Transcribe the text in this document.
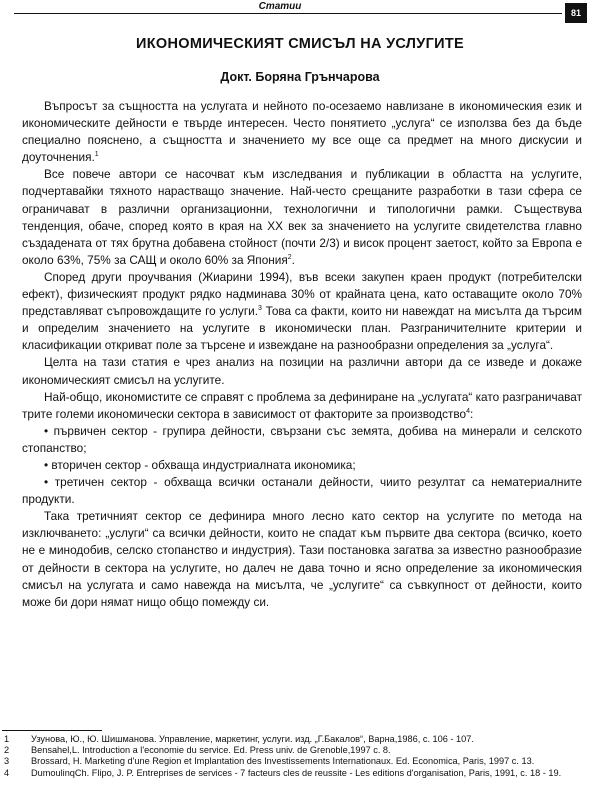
Статии
81
ИКОНОМИЧЕСКИЯТ СМИСЪЛ НА УСЛУГИТЕ
Докт. Боряна Грънчарова

Въпросът за същността на услугата и нейното по-осезаемо навлизане в икономическия език и икономическите дейности е твърде интересен. Често понятието „услуга“ се използва без да бъде специално пояснено, а същността и значението му все още са предмет на много дискусии и доуточнения.$^1$

Все повече автори се насочват към изследвания и публикации в областта на услугите, подчертавайки тяхното нарастващо значение. Най-често срещаните разработки в тази сфера се ограничават в различни организационни, технологични и типологични рамки. Съществува тенденция, обаче, според която в края на XX век за значението на услугите свидетелства главно създадената от тях брутна добавена стойност (почти 2/3) и висок процент заетост, който за Европа е около 63%, 75% за САЩ и около 60% за Япония$^2$.

Според други проучвания (Жиарини 1994), във всеки закупен краен продукт (потребителски ефект), физическият продукт рядко надминава 30% от крайната цена, като оставащите около 70% представляват съпровождащите го услуги.$^3$ Това са факти, които ни навеждат на мисълта да търсим и определим значението на услугите в икономически план. Разграничителните критерии и класификации откриват поле за търсене и извеждане на разнообразни определения за „услуга“.

Целта на тази статия е чрез анализ на позиции на различни автори да се изведе и докаже икономическият смисъл на услугите.

Най-общо, икономистите се справят с проблема за дефиниране на „услугата“ като разграничават трите големи икономически сектора в зависимост от факторите за производство$^4$:

• първичен сектор - групира дейности, свързани със земята, добива на минерали и селското стопанство;

• вторичен сектор - обхваща индустриалната икономика;

• третичен сектор - обхваща всички останали дейности, чиито резултат са нематериалните продукти.

Така третичният сектор се дефинира много лесно като сектор на услугите по метода на изключването: „услуги“ са всички дейности, които не спадат към първите два сектора (всичко, което не е минодобив, селско стопанство и индустрия). Тази постановка загатва за известно разнообразие от дейности в сектора на услугите, но далеч не дава точно и ясно определение за икономическия смисъл на услугата и само навежда на мисълта, че „услугите“ са съвкупност от дейности, които може би дори нямат нищо общо помежду си.

1	Узунова, Ю., Ю. Шишманова. Управление, маркетинг, услуги. изд. „Г.Бакалов“, Варна,1986, с. 106 - 107.
2	Bensahel,L. Introduction a l'economie du service. Ed. Press univ. de Grenoble,1997 c. 8.
3	Brossard, H. Marketing d'une Region et Implantation des Investissements Internatiоnaux. Ed. Economica, Paris, 1997 c. 13.
4	DumoulinqCh. Flipo, J. P. Entreprises de services - 7 facteurs cles de reussite - Les editions d'organisation, Paris, 1991, с. 18 - 19.
